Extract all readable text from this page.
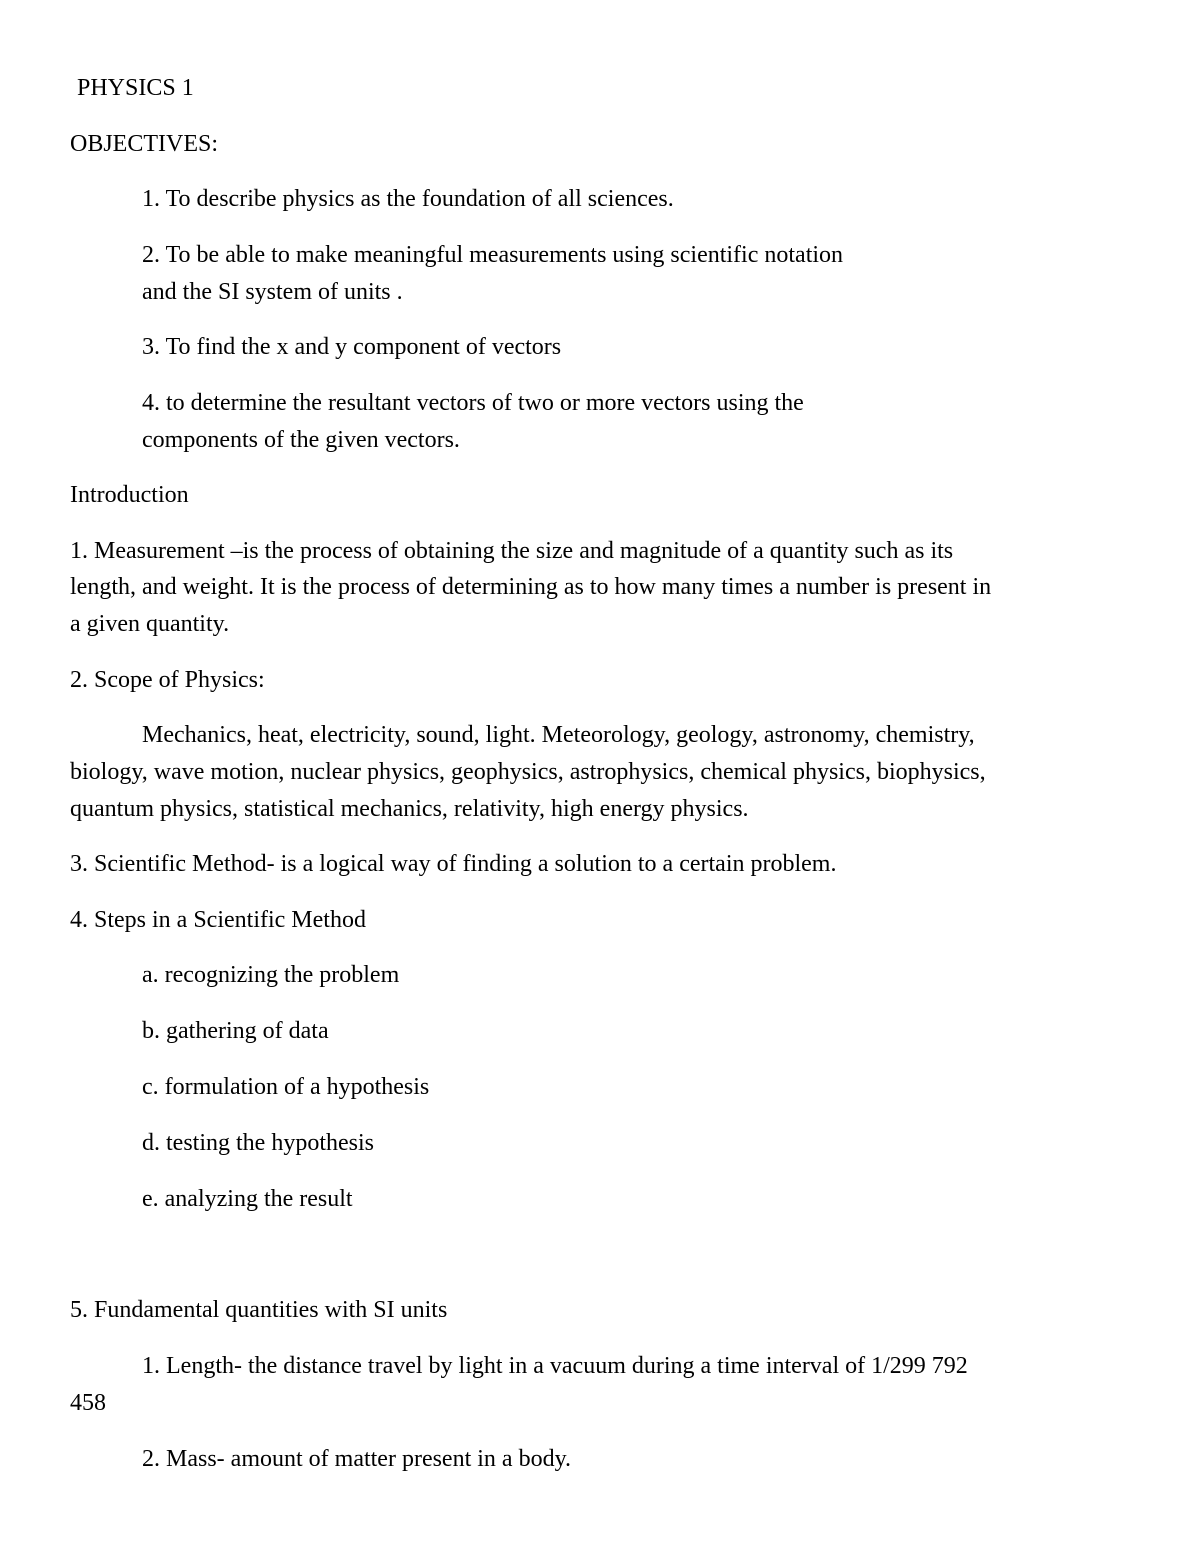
PHYSICS 1

OBJECTIVES:

1. To describe physics as the foundation of all sciences.

2. To be able to make meaningful measurements using scientific notation

and the SI system of units .

3. To find the x and y component of vectors

4. to determine the resultant vectors of two or more vectors using the

components of the given vectors.

Introduction

1. Measurement –is the process of obtaining the size and magnitude of a quantity such as its

length, and weight. It is the process of determining as to how many times a number is present in

a given quantity.

2. Scope of Physics:

Mechanics, heat, electricity, sound, light. Meteorology, geology, astronomy, chemistry,

biology, wave motion, nuclear physics, geophysics, astrophysics, chemical physics, biophysics,

quantum physics, statistical mechanics, relativity, high energy physics.

3. Scientific Method- is a logical way of finding a solution to a certain problem.

4. Steps in a Scientific Method

a. recognizing the problem

b. gathering of data

c. formulation of a hypothesis

d. testing the hypothesis

e. analyzing the result

5. Fundamental quantities with SI units

1. Length- the distance travel by light in a vacuum during a time interval of 1/299 792

458

2. Mass- amount of matter present in a body.
